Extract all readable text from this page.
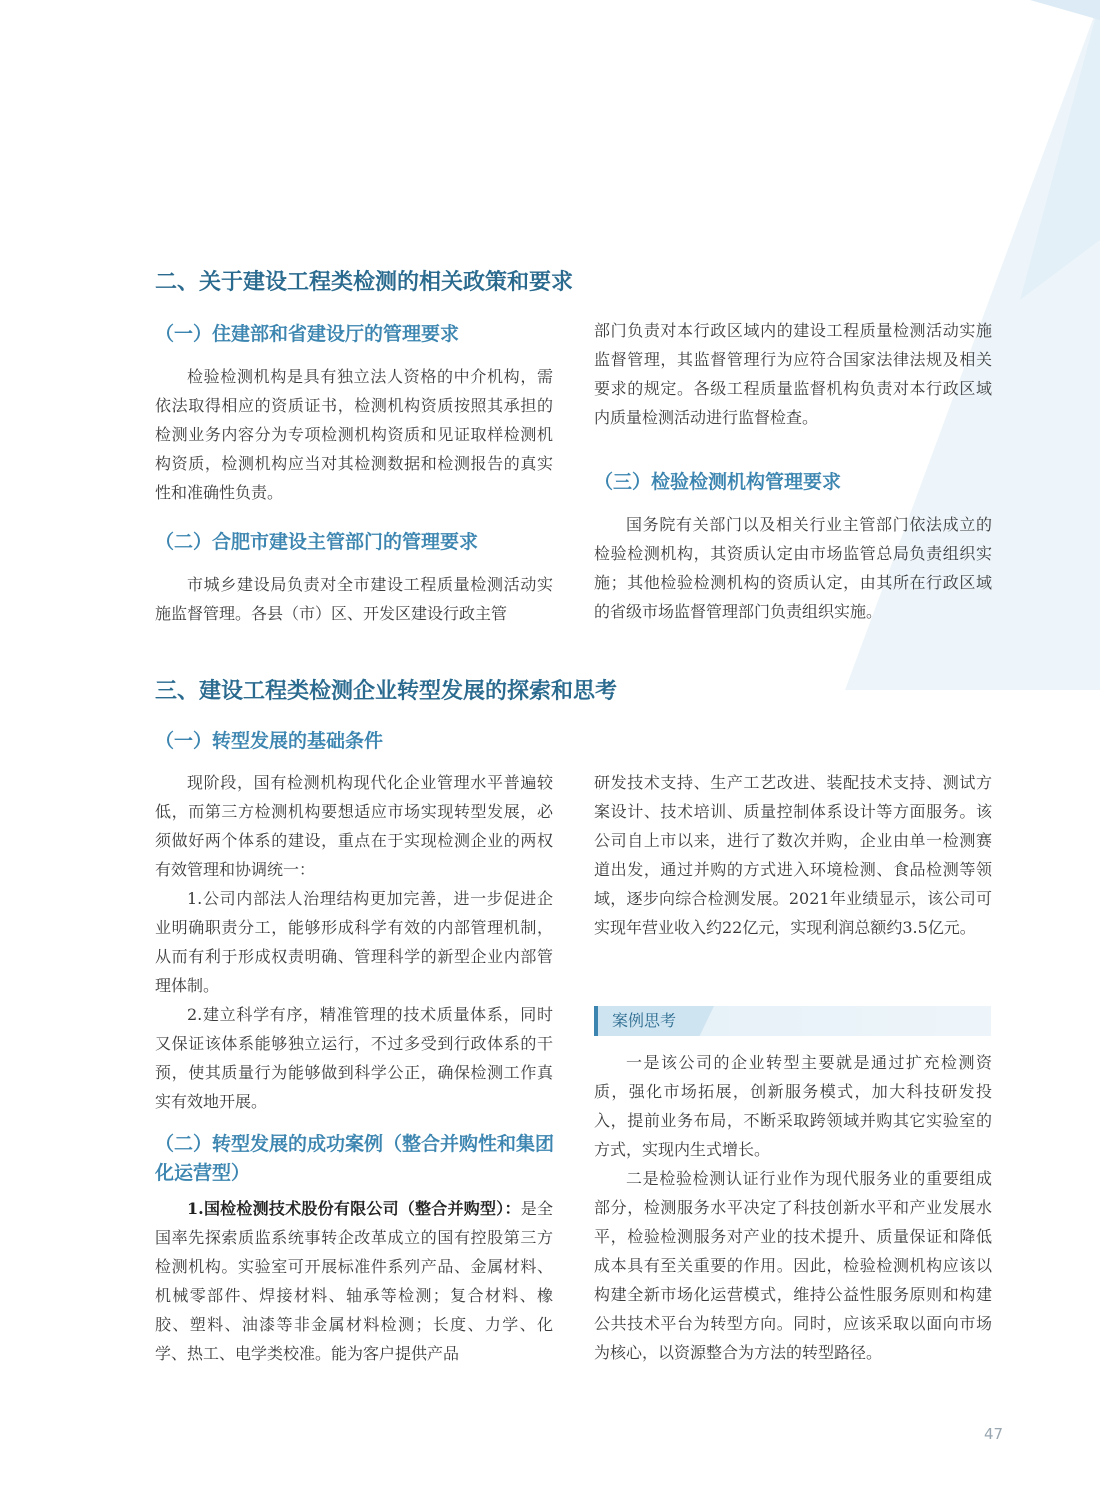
二、关于建设工程类检测的相关政策和要求
（一）住建部和省建设厅的管理要求

检验检测机构是具有独立法人资格的中介机构，需依法取得相应的资质证书，检测机构资质按照其承担的检测业务内容分为专项检测机构资质和见证取样检测机构资质，检测机构应当对其检测数据和检测报告的真实性和准确性负责。

（二）合肥市建设主管部门的管理要求

市城乡建设局负责对全市建设工程质量检测活动实施监督管理。各县（市）区、开发区建设行政主管

部门负责对本行政区域内的建设工程质量检测活动实施监督管理，其监督管理行为应符合国家法律法规及相关要求的规定。各级工程质量监督机构负责对本行政区域内质量检测活动进行监督检查。

（三）检验检测机构管理要求

国务院有关部门以及相关行业主管部门依法成立的检验检测机构，其资质认定由市场监管总局负责组织实施；其他检验检测机构的资质认定，由其所在行政区域的省级市场监督管理部门负责组织实施。

三、建设工程类检测企业转型发展的探索和思考
（一）转型发展的基础条件

现阶段，国有检测机构现代化企业管理水平普遍较低，而第三方检测机构要想适应市场实现转型发展，必须做好两个体系的建设，重点在于实现检测企业的两权有效管理和协调统一：

1.公司内部法人治理结构更加完善，进一步促进企业明确职责分工，能够形成科学有效的内部管理机制，从而有利于形成权责明确、管理科学的新型企业内部管理体制。

2.建立科学有序，精准管理的技术质量体系，同时又保证该体系能够独立运行，不过多受到行政体系的干预，使其质量行为能够做到科学公正，确保检测工作真实有效地开展。

（二）转型发展的成功案例（整合并购性和集团化运营型）

1.国检检测技术股份有限公司（整合并购型）：是全国率先探索质监系统事转企改革成立的国有控股第三方检测机构。实验室可开展标准件系列产品、金属材料、机械零部件、焊接材料、轴承等检测；复合材料、橡胶、塑料、油漆等非金属材料检测；长度、力学、化学、热工、电学类校准。能为客户提供产品

研发技术支持、生产工艺改进、装配技术支持、测试方案设计、技术培训、质量控制体系设计等方面服务。该公司自上市以来，进行了数次并购，企业由单一检测赛道出发，通过并购的方式进入环境检测、食品检测等领域，逐步向综合检测发展。2021年业绩显示，该公司可实现年营业收入约22亿元，实现利润总额约3.5亿元。

案例思考

一是该公司的企业转型主要就是通过扩充检测资质，强化市场拓展，创新服务模式，加大科技研发投入，提前业务布局，不断采取跨领域并购其它实验室的方式，实现内生式增长。

二是检验检测认证行业作为现代服务业的重要组成部分，检测服务水平决定了科技创新水平和产业发展水平，检验检测服务对产业的技术提升、质量保证和降低成本具有至关重要的作用。因此，检验检测机构应该以构建全新市场化运营模式，维持公益性服务原则和构建公共技术平台为转型方向。同时，应该采取以面向市场为核心，以资源整合为方法的转型路径。

47
